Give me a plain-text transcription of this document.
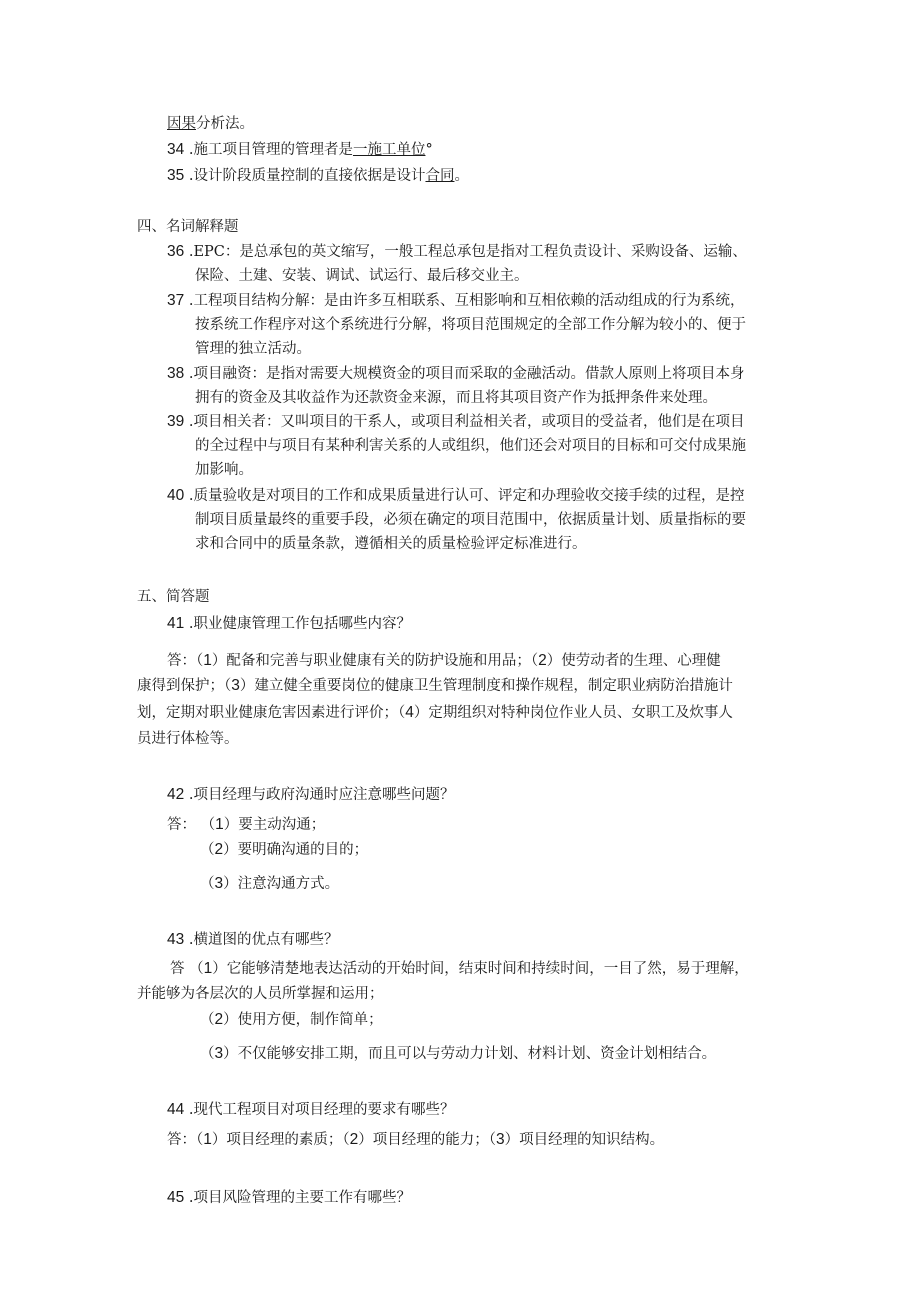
因果分析法。
34 .施工项目管理的管理者是一施工单位°
35 .设计阶段质量控制的直接依据是设计合同。
四、名词解释题
36 .EPC：是总承包的英文缩写，一般工程总承包是指对工程负责设计、采购设备、运输、
保险、土建、安装、调试、试运行、最后移交业主。
37 .工程项目结构分解：是由许多互相联系、互相影响和互相依赖的活动组成的行为系统，
按系统工作程序对这个系统进行分解，将项目范围规定的全部工作分解为较小的、便于
管理的独立活动。
38 .项目融资：是指对需要大规模资金的项目而采取的金融活动。借款人原则上将项目本身
拥有的资金及其收益作为还款资金来源，而且将其项目资产作为抵押条件来处理。
39 .项目相关者：又叫项目的干系人，或项目利益相关者，或项目的受益者，他们是在项目
的全过程中与项目有某种利害关系的人或组织，他们还会对项目的目标和可交付成果施
加影响。
40 .质量验收是对项目的工作和成果质量进行认可、评定和办理验收交接手续的过程，是控
制项目质量最终的重要手段，必须在确定的项目范围中，依据质量计划、质量指标的要
求和合同中的质量条款，遵循相关的质量检验评定标准进行。
五、简答题
41 .职业健康管理工作包括哪些内容？
答：（1）配备和完善与职业健康有关的防护设施和用品；（2）使劳动者的生理、心理健
康得到保护；（3）建立健全重要岗位的健康卫生管理制度和操作规程，制定职业病防治措施计
划，定期对职业健康危害因素进行评价；（4）定期组织对特种岗位作业人员、女职工及炊事人
员进行体检等。
42 .项目经理与政府沟通时应注意哪些问题？
答： （1）要主动沟通；
（2）要明确沟通的目的；
（3）注意沟通方式。
43 .横道图的优点有哪些？
答 （1）它能够清楚地表达活动的开始时间，结束时间和持续时间，一目了然，易于理解，
并能够为各层次的人员所掌握和运用；
（2）使用方便，制作简单；
（3）不仅能够安排工期，而且可以与劳动力计划、材料计划、资金计划相结合。
44 .现代工程项目对项目经理的要求有哪些？
答：（1）项目经理的素质；（2）项目经理的能力；（3）项目经理的知识结构。
45 .项目风险管理的主要工作有哪些？
